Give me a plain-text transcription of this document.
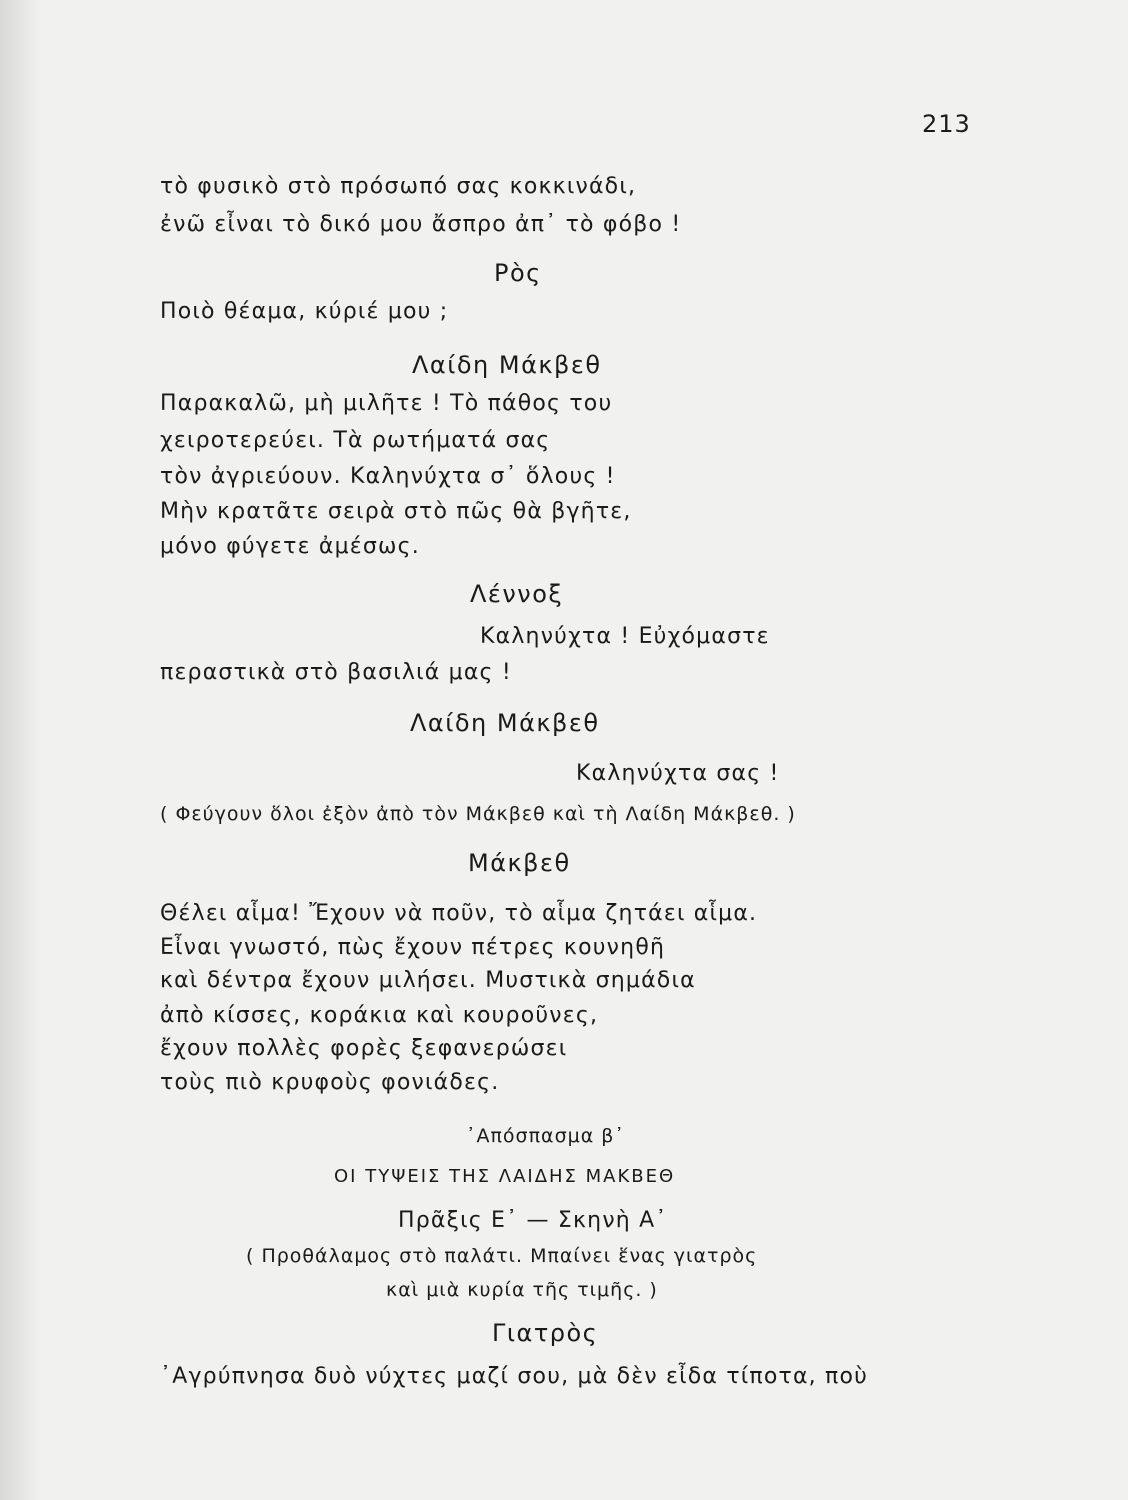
213
τὸ φυσικὸ στὸ πρόσωπό σας κοκκινάδι,
ἐνῶ εἶναι τὸ δικό μου ἄσπρο ἀπ᾽ τὸ φόβο !
Ρὸς
Ποιὸ θέαμα, κύριέ μου ;
Λαίδη Μάκβεθ
Παρακαλῶ, μὴ μιλῆτε ! Τὸ πάθος του
χειροτερεύει. Τὰ ρωτήματά σας
τὸν ἀγριεύουν. Καληνύχτα σ᾽ ὅλους !
Μὴν κρατᾶτε σειρὰ στὸ πῶς θὰ βγῆτε,
μόνο φύγετε ἀμέσως.
Λέννοξ
Καληνύχτα ! Εὐχόμαστε
περαστικὰ στὸ βασιλιά μας !
Λαίδη Μάκβεθ
Καληνύχτα σας !
( Φεύγουν ὅλοι ἐξὸν ἀπὸ τὸν Μάκβεθ καὶ τὴ Λαίδη Μάκβεθ. )
Μάκβεθ
Θέλει αἷμα! Ἔχουν νὰ ποῦν, τὸ αἷμα ζητάει αἷμα.
Εἶναι γνωστό, πὼς ἔχουν πέτρες κουνηθῆ
καὶ δέντρα ἔχουν μιλήσει. Μυστικὰ σημάδια
ἀπὸ κίσσες, κοράκια καὶ κουροῦνες,
ἔχουν πολλὲς φορὲς ξεφανερώσει
τοὺς πιὸ κρυφοὺς φονιάδες.
᾽Απόσπασμα β᾽
ΟΙ ΤΥΨΕΙΣ ΤΗΣ ΛΑΙΔΗΣ ΜΑΚΒΕΘ
Πρᾶξις Ε᾽ — Σκηνὴ Α᾽
( Προθάλαμος στὸ παλάτι. Μπαίνει ἕνας γιατρὸς
καὶ μιὰ κυρία τῆς τιμῆς. )
Γιατρὸς
᾽Αγρύπνησα δυὸ νύχτες μαζί σου, μὰ δὲν εἶδα τίποτα, ποὺ
